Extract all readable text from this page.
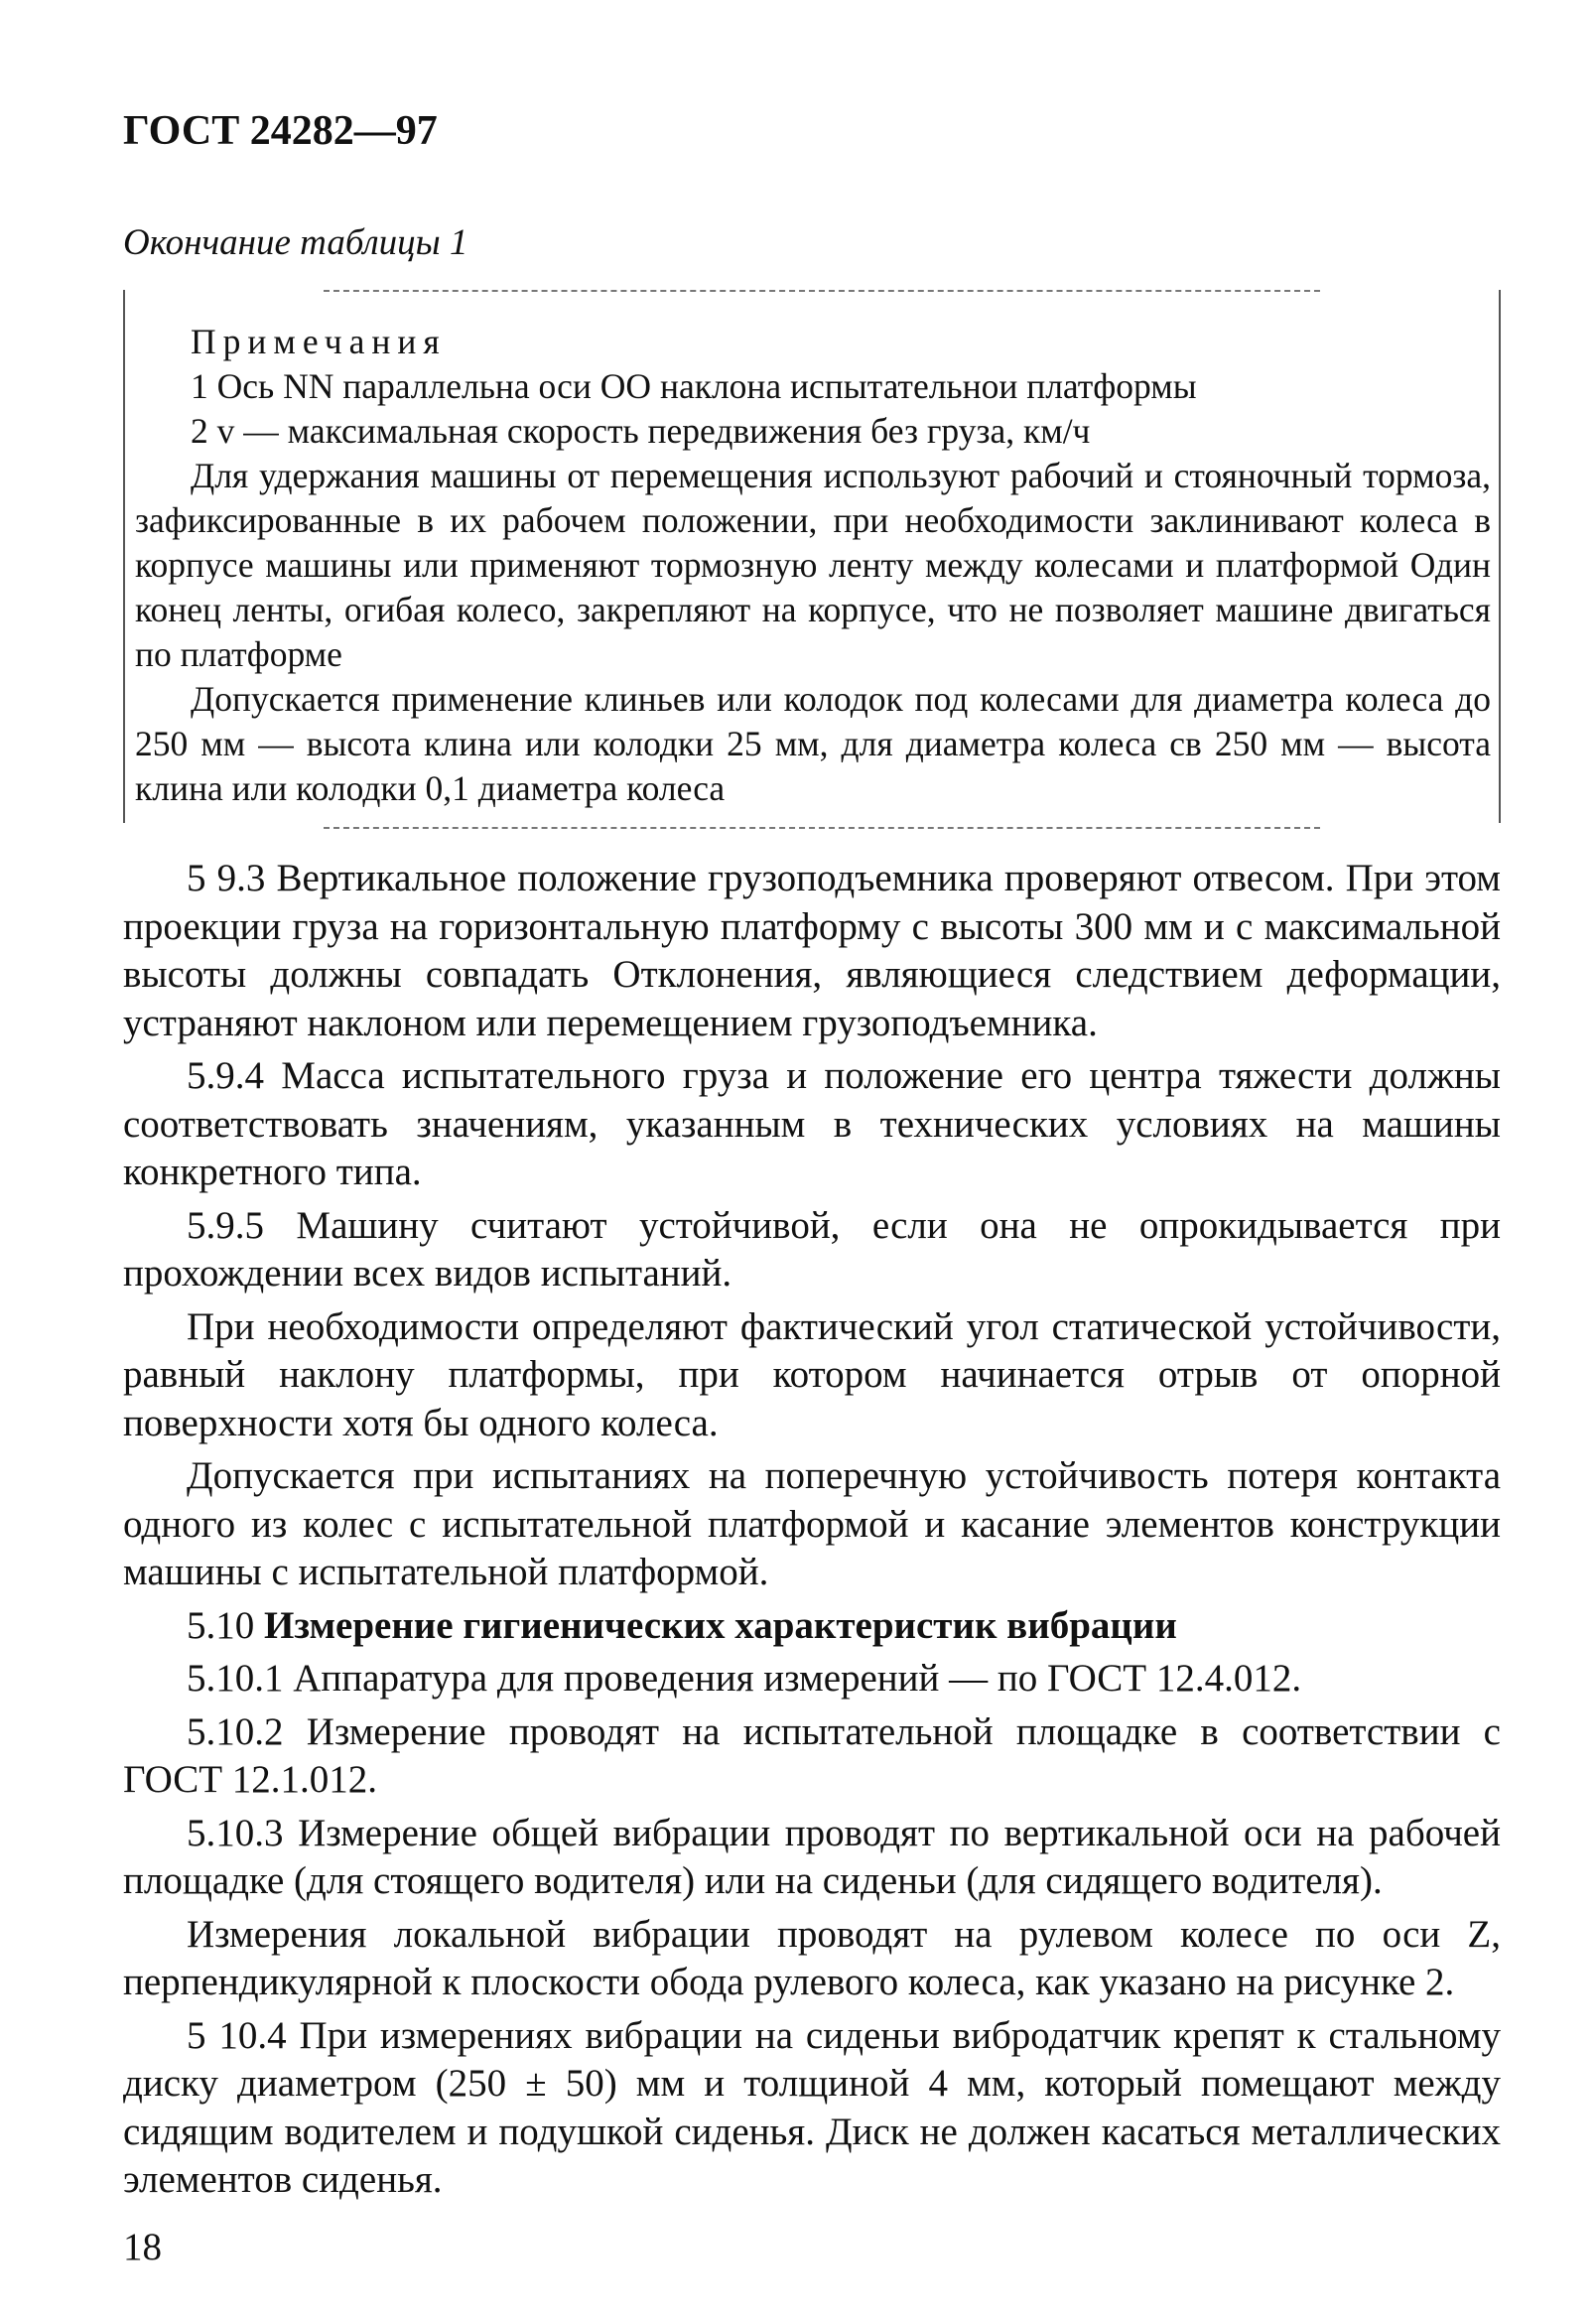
ГОСТ 24282—97
Окончание таблицы 1
Примечания
1 Ось NN параллельна оси OO наклона испытательнои платформы
2 v — максимальная скорость передвижения без груза, км/ч

Для удержания машины от перемещения используют рабочий и стояночный тормоза, зафиксированные в их рабочем положении, при необходимости заклинивают колеса в корпусе машины или применяют тормозную ленту между колесами и платформой Один конец ленты, огибая колесо, закрепляют на корпусе, что не позволяет машине двигаться по платформе

Допускается применение клиньев или колодок под колесами для диаметра колеса до 250 мм — высота клина или колодки 25 мм, для диаметра колеса св 250 мм — высота клина или колодки 0,1 диаметра колеса

5 9.3 Вертикальное положение грузоподъемника проверяют отвесом. При этом проекции груза на горизонтальную платформу с высоты 300 мм и с максимальной высоты должны совпадать Отклонения, являющиеся следствием деформации, устраняют наклоном или перемещением грузоподъемника.

5.9.4 Масса испытательного груза и положение его центра тяжести должны соответствовать значениям, указанным в технических условиях на машины конкретного типа.

5.9.5 Машину считают устойчивой, если она не опрокидывается при прохождении всех видов испытаний.

При необходимости определяют фактический угол статической устойчивости, равный наклону платформы, при котором начинается отрыв от опорной поверхности хотя бы одного колеса.

Допускается при испытаниях на поперечную устойчивость потеря контакта одного из колес с испытательной платформой и касание элементов конструкции машины с испытательной платформой.

5.10 Измерение гигиенических характеристик вибрации

5.10.1 Аппаратура для проведения измерений — по ГОСТ 12.4.012.

5.10.2 Измерение проводят на испытательной площадке в соответствии с ГОСТ 12.1.012.

5.10.3 Измерение общей вибрации проводят по вертикальной оси на рабочей площадке (для стоящего водителя) или на сиденьи (для сидящего водителя).

Измерения локальной вибрации проводят на рулевом колесе по оси Z, перпендикулярной к плоскости обода рулевого колеса, как указано на рисунке 2.

5 10.4 При измерениях вибрации на сиденьи вибродатчик крепят к стальному диску диаметром (250 ± 50) мм и толщиной 4 мм, который помещают между сидящим водителем и подушкой сиденья. Диск не должен касаться металлических элементов сиденья.

18
